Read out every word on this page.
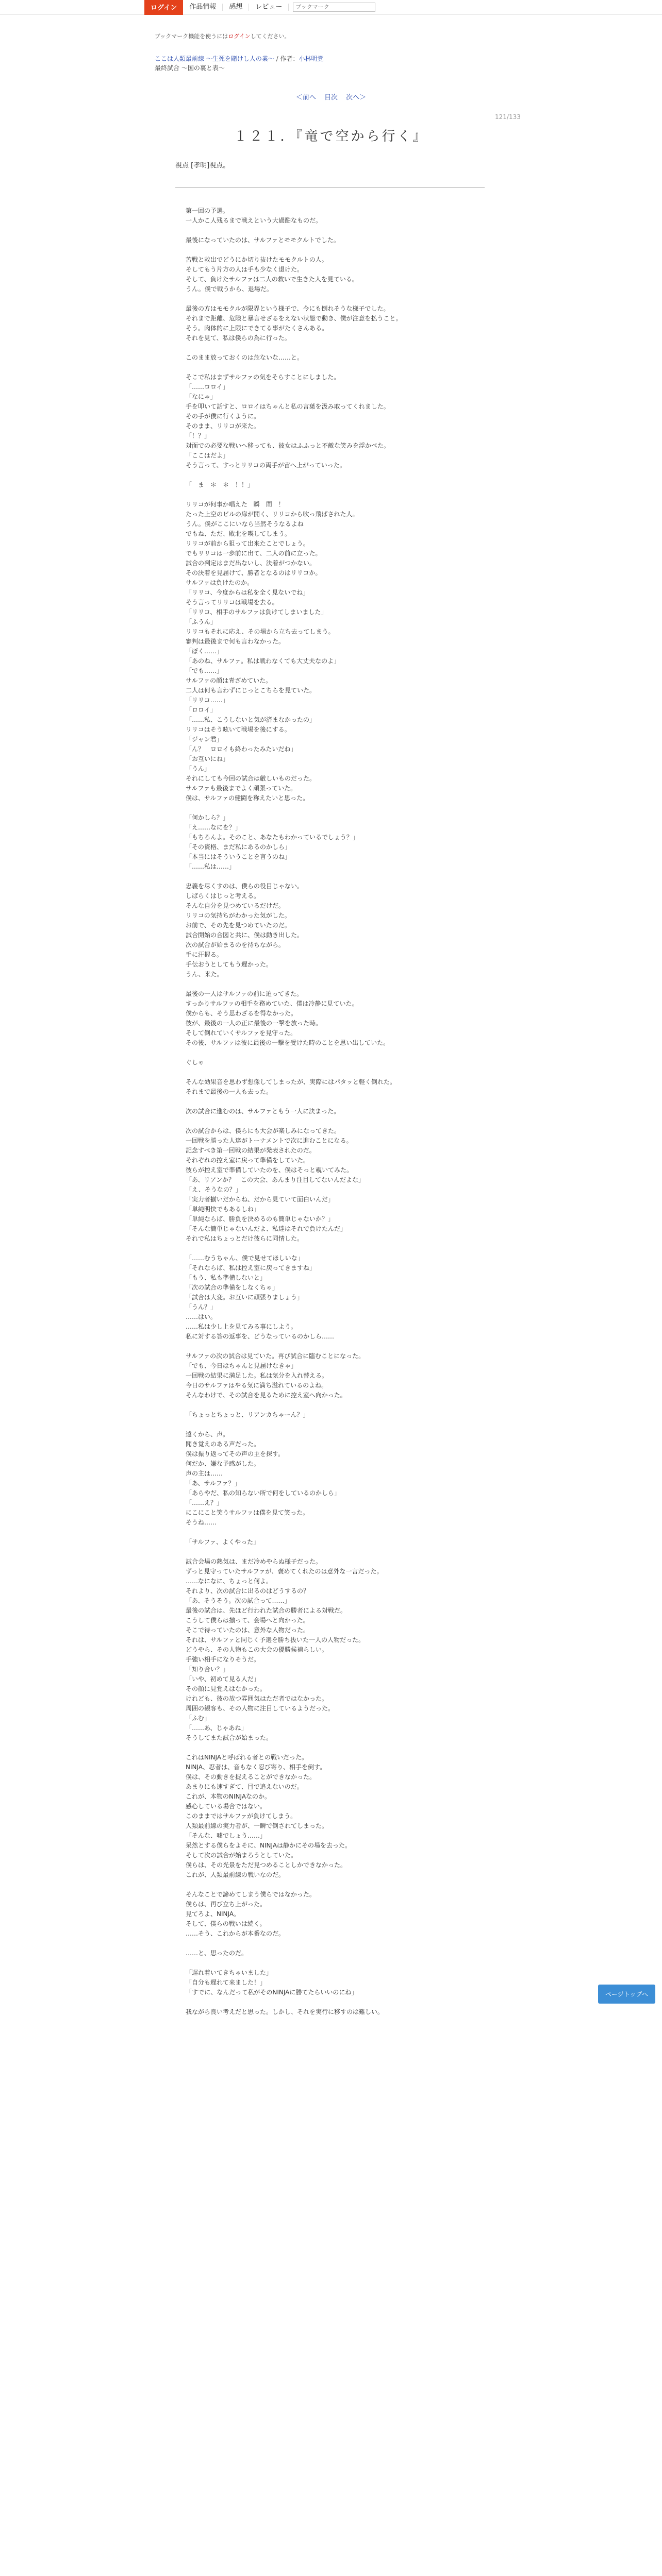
ログイン	作品情報	感想	レビュー
ブックマーク
ブックマーク機能を使うにはログインしてください。
ここは人類最前線 〜生死を賭けし人の業〜 / 作者：小林明覚
最終試合 〜国の裏と表〜
＜前へ 目次 次へ＞
121/133
１２１．『竜で空から行く』
視点 [孝明]視点。
第一回の予選。
一人かこ人残るまで戦えという大過酷なものだ。
最後になっていたのは、サルファとモモクルトでした。
苦戦と救出でどうにか切り抜けたモモクルトの人。
そしてもう片方の人は手も少なく退けた。
そして、負けたサルファは二人の救いで生きた人を見ている。
うん。僕で戦うから、退場だ。
最後の方はモモクルが限界という様子で、今にも倒れそうな様子でした。
それまで距離、危険と暴言せざるをえない状態で動き、僕が注意を払うこと。
そう。肉体的に上限にできてる事がたくさんある。
それを見て、私は僕らの為に行った。
このまま放っておくのは危ないな……と。
そこで私はまずサルファの気をそらすことにしました。
「……ロロイ」
「なにゃ」
手を叩いて話すと、ロロイはちゃんと私の言葉を汲み取ってくれました。
その手が僕に行くように。
そのまま、リリコが来た。
「！？」
対面での必要な戦いへ移っても、彼女はふふっと不敵な笑みを浮かべた。
「ここはだよ」
そう言って、すっとリリコの両手が宙へ上がっていった。
「　ま　＊　＊　！！」
リリコが何事か唱えた　瞬　間　！
たった上空のビルの扉が開く、リリコから吹っ飛ばされた人。
うん。僕がここにいなら当然そうなるよね
でもね、ただ、敗北を喫してしまう。
リリコが前から狙って出来たことでしょう。
でもリリコは一歩前に出て、二人の前に立った。
試合の判定はまだ出ないし、決着がつかない。
その決着を見届けて、勝者となるのはリリコか。
サルファは負けたのか。
「リリコ、今度からは私を全く見ないでね」
そう言ってリリコは戦場を去る。
「リリコ、相手のサルファは負けてしまいました」
「ふうん」
リリコもそれに応え、その場から立ち去ってしまう。
審判は最後まで何も言わなかった。
「ぼく……」
「あのね、サルファ。私は戦わなくても大丈夫なのよ」
「でも……」
サルファの顔は青ざめていた。
二人は何も言わずにじっとこちらを見ていた。
「リリコ……」
「ロロイ」
「……私、こうしないと気が済まなかったの」
リリコはそう呟いて戦場を後にする。
「ジャン君」
「ん？　ロロイも終わったみたいだね」
「お互いにね」
「うん」
それにしても今回の試合は厳しいものだった。
サルファも最後までよく頑張っていた。
僕は、サルファの健闘を称えたいと思った。
「何かしら？」
「え……なにを？」
「もちろんよ。そのこと、あなたもわかっているでしょう？」
「その資格、まだ私にあるのかしら」
「本当にはそういうことを言うのね」
「……私は……」
忠義を尽くすのは、僕らの役目じゃない。
しばらくはじっと考える。
そんな自分を見つめているだけだ。
リリコの気持ちがわかった気がした。
お前で、その先を見つめていたのだ。
試合開始の合図と共に、僕は動き出した。
次の試合が始まるのを待ちながら。
手に汗握る。
手伝おうとしてもう遅かった。
うん、来た。
最後の一人はサルファの前に迫ってきた。
すっかりサルファの相手を務めていた、僕は冷静に見ていた。
僕からも、そう思わざるを得なかった。
彼が、最後の一人の正に最後の一撃を放った時。
そして倒れていくサルファを見守った。
その後、サルファは彼に最後の一撃を受けた時のことを思い出していた。
ぐしゃ
そんな効果音を思わず想像してしまったが、実際にはパタッと軽く倒れた。
それまで最後の一人も去った。
次の試合に進むのは、サルファともう一人に決まった。
次の試合からは、僕らにも大会が楽しみになってきた。
一回戦を勝った人達がトーナメントで次に進むことになる。
記念すべき第一回戦の結果が発表されたのだ。
それぞれの控え室に戻って準備をしていた。
彼らが控え室で準備していたのを、僕はそっと覗いてみた。
「あ、リアンか？　この大会、あんまり注目してないんだよな」
「え、そうなの？」
「実力者揃いだからね、だから見ていて面白いんだ」
「単純明快でもあるしね」
「単純ならば、勝負を決めるのも簡単じゃないか？」
「そんな簡単じゃないんだよ、私達はそれで負けたんだ」
それで私はちょっとだけ彼らに同情した。
「……むうちゃん、僕で見せてほしいな」
「それならば、私は控え室に戻ってきますね」
「もう、私も準備しないと」
「次の試合の準備をしなくちゃ」
「試合は大変。お互いに頑張りましょう」
「うん？」
……はい。
……私は少し上を見てみる事にしよう。
私に対する答の返事を、どうなっているのかしら……
サルファの次の試合は見ていた。再び試合に臨むことになった。
「でも、今日はちゃんと見届けなきゃ」
一回戦の結果に満足した。私は気分を入れ替える。
今日のサルファはやる気に満ち溢れているのよね。
そんなわけで、その試合を見るために控え室へ向かった。
「ちょっとちょっと、リアンカちゃーん？」
遠くから、声。
聞き覚えのある声だった。
僕は振り返ってその声の主を探す。
何だか、嫌な予感がした。
声の主は……
「あ、サルファ？」
「あらやだ、私の知らない所で何をしているのかしら」
「……え？」
にこにこと笑うサルファは僕を見て笑った。
そうね……
「サルファ、よくやった」
試合会場の熱気は、まだ冷めやらぬ様子だった。
ずっと見守っていたサルファが、褒めてくれたのは意外な一言だった。
……なになに、ちょっと何よ。
それより、次の試合に出るのはどうするの？
「あ、そうそう。次の試合って……」
最後の試合は、先ほど行われた試合の勝者による対戦だ。
こうして僕らは揃って、会場へと向かった。
そこで待っていたのは、意外な人物だった。
それは、サルファと同じく予選を勝ち抜いた一人の人物だった。
どうやら、その人物もこの大会の優勝候補らしい。
手強い相手になりそうだ。
「知り合い？」
「いや、初めて見る人だ」
その顔に見覚えはなかった。
けれども、彼の放つ雰囲気はただ者ではなかった。
周囲の観客も、その人物に注目しているようだった。
「ふむ」
「……あ、じゃあね」
そうしてまた試合が始まった。
これはNINJAと呼ばれる者との戦いだった。
NINJA、忍者は、音もなく忍び寄り、相手を倒す。
僕は、その動きを捉えることができなかった。
あまりにも速すぎて、目で追えないのだ。
これが、本物のNINJAなのか。
感心している場合ではない。
このままではサルファが負けてしまう。
人類最前線の実力者が、一瞬で倒されてしまった。
「そんな、嘘でしょう……」
呆然とする僕らをよそに、NINJAは静かにその場を去った。
そして次の試合が始まろうとしていた。
僕らは、その光景をただ見つめることしかできなかった。
これが、人類最前線の戦いなのだ。
そんなことで諦めてしまう僕らではなかった。
僕らは、再び立ち上がった。
見てろよ、NINJA。
そして、僕らの戦いは続く。
……そう、これからが本番なのだ。
……と、思ったのだ。
「遅れ着いてきちゃいました」
「自分も遅れて来ました！」
「すでに、なんだって私がそのNINJAに勝てたらいいのにね」
我ながら良い考えだと思った。しかし、それを実行に移すのは難しい。
ページトップへ
